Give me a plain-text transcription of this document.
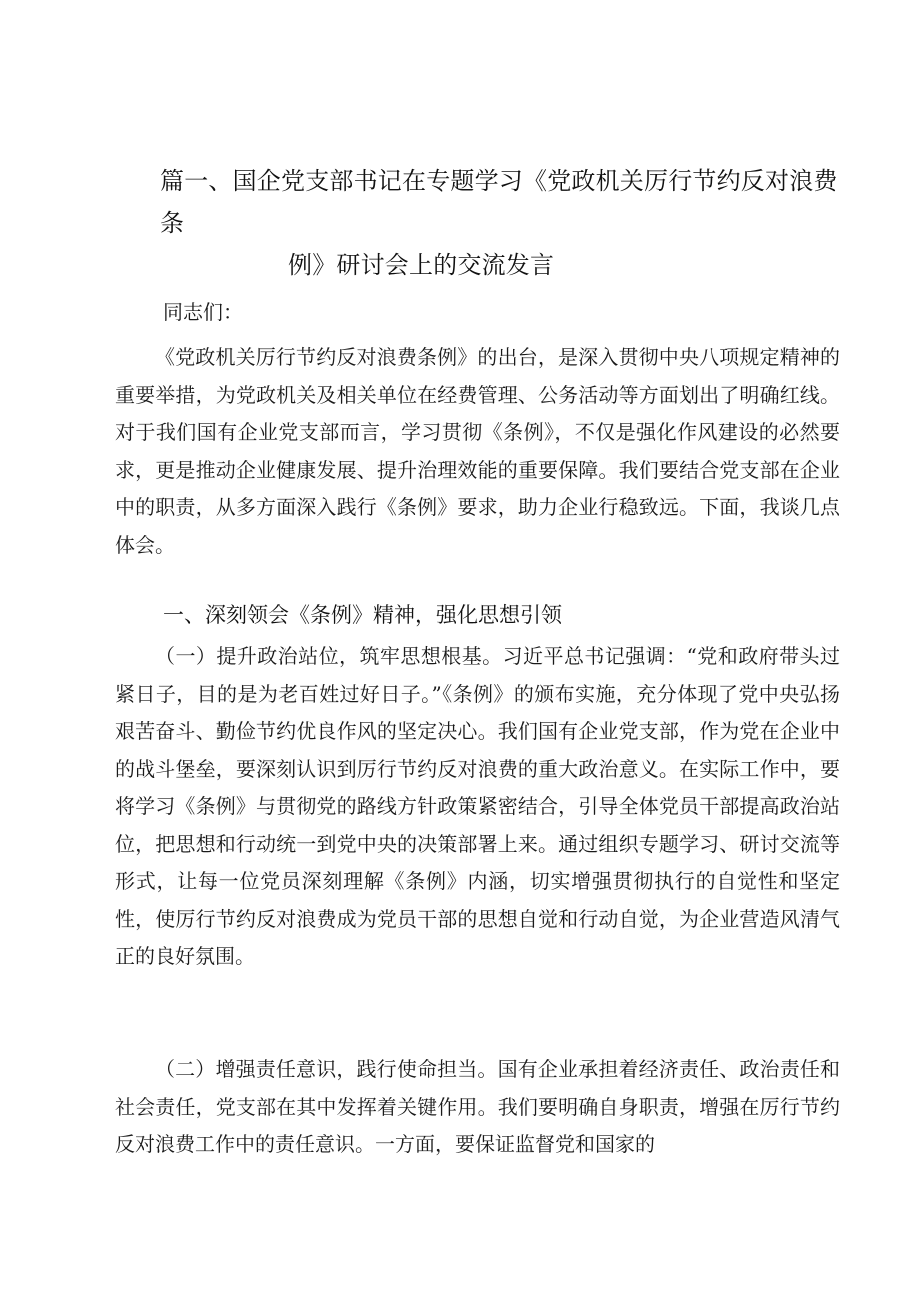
篇一、国企党支部书记在专题学习《党政机关厉行节约反对浪费条
例》研讨会上的交流发言
同志们：
《党政机关厉行节约反对浪费条例》的出台，是深入贯彻中央八项规定精神的重要举措，为党政机关及相关单位在经费管理、公务活动等方面划出了明确红线。对于我们国有企业党支部而言，学习贯彻《条例》，不仅是强化作风建设的必然要求，更是推动企业健康发展、提升治理效能的重要保障。我们要结合党支部在企业中的职责，从多方面深入践行《条例》要求，助力企业行稳致远。下面，我谈几点体会。
一、深刻领会《条例》精神，强化思想引领
（一）提升政治站位，筑牢思想根基。习近平总书记强调：“党和政府带头过紧日子，目的是为老百姓过好日子。”《条例》的颁布实施，充分体现了党中央弘扬艰苦奋斗、勤俭节约优良作风的坚定决心。我们国有企业党支部，作为党在企业中的战斗堡垒，要深刻认识到厉行节约反对浪费的重大政治意义。在实际工作中，要将学习《条例》与贯彻党的路线方针政策紧密结合，引导全体党员干部提高政治站位，把思想和行动统一到党中央的决策部署上来。通过组织专题学习、研讨交流等形式，让每一位党员深刻理解《条例》内涵，切实增强贯彻执行的自觉性和坚定性，使厉行节约反对浪费成为党员干部的思想自觉和行动自觉，为企业营造风清气正的良好氛围。
（二）增强责任意识，践行使命担当。国有企业承担着经济责任、政治责任和社会责任，党支部在其中发挥着关键作用。我们要明确自身职责，增强在厉行节约反对浪费工作中的责任意识。一方面，要保证监督党和国家的
